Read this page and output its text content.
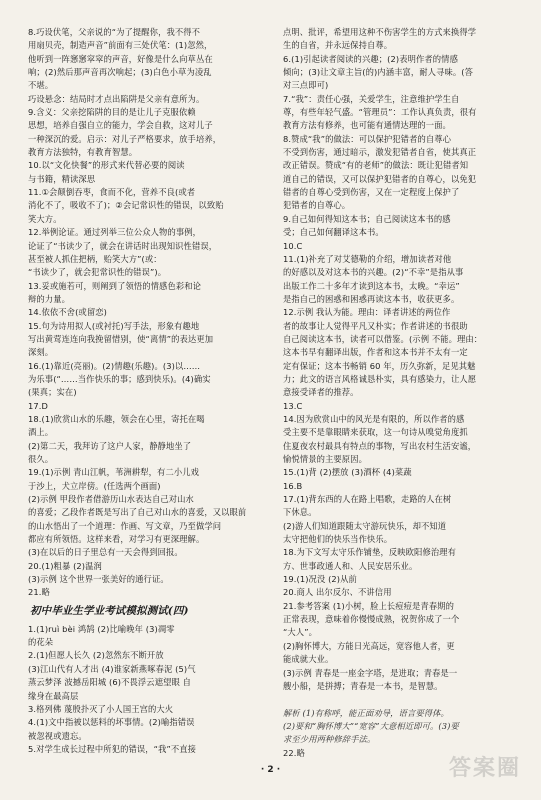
8.巧设伏笔，父亲说的“为了提醒你，我不得不
用扇贝壳，制造声音”前面有三处伏笔：(1)忽然，
他听到一阵窸窸窣窣的声音，好像是什么向草丛在
响；(2)然后那声音再次响起；(3)白色小草为凌乱
不堪。
巧设悬念：结局时才点出陷阱是父亲有意所为。
9.含义：父亲挖陷阱的目的是让儿子克服依赖
思想，培养自强自立的能力，学会自救，这对儿子
一种深沉的爱。启示：对儿子严格要求，放手培养，
教育方法独特，有教育智慧。
10.以“文化快餐”的形式来代替必要的阅读
与书籍，精读深思
11.①会颠倒吞枣，食而不化，营养不良(或者
消化不了，吸收不了)；②会记常识性的错误，以致贻
笑大方。
12.举例论证。通过列举三位公众人物的事例，
论证了“书读少了，就会在讲话时出现知识性错误，
甚至被人抓住把柄，贻笑大方”(或：
“书读少了，就会犯常识性的错误”)。
13.妥或施若可，则阐到了领悟的情感色彩和论
辩的力量。
14.依依不舍(或留恋)
15.句为诗用拟人(或衬托)写手法，形象有趣地
写出黄莺连连向我挽留惜别，使“离情”的表达更加
深刻。
16.(1)靠近(亮丽)。(2)情趣(乐趣)。(3)以……
为乐事(“……当作快乐的事；感到快乐)。(4)确实
(果真；实在)
17.D
18.(1)欣赏山水的乐趣，领会在心里，寄托在喝
酒上。
(2)第二天，我拜访了这户人家，静静地坐了
很久。
19.(1)示例 青山江帆，苇洲耕犁，有二小儿戏
于沙上，犬立岸傍。(任选两个画面)
(2)示例 甲段作者借游历山水表达自己对山水
的喜爱；乙段作者既是写出了自己对山水的喜爱，又以眼前
的山水悟出了一个道理：作画、写文章，乃至做学问
都应有所领悟。这样来看，对学习有更深理解。
(3)在以后的日子里总有一天会得到回报。
20.(1)粗暴 (2)温润
(3)示例 这个世界一张美好的通行证。
21.略
初中毕业生学业考试模拟测试(四)
1.(1)ruì bèi 鸿鹄 (2)比喻晚年 (3)凋零
的花朵
2.(1)但愿人长久 (2)忽然东不断开放
(3)江山代有人才出 (4)谁家新燕啄春泥 (5)气
蒸云梦泽 波撼岳阳城 (6)不畏浮云遮望眼 自
缘身在最高层
3.格列佛 蔑殷扑灭了小人国王宫的大火
4.(1)文中指被以惩料的坏事情。(2)喻指错误
被忽视或遗忘。
5.对学生成长过程中所犯的错误，“我”不直接
点明、批评，希望用这种不伤害学生的方式来换得学
生的自省，并永远保持自尊。
6.(1)引起读者阅读的兴趣；(2)表明作者的情感
倾向；(3)让文章主旨(的)内涵丰富，耐人寻味。(答
对三点即可)
7.“我”：责任心强，关爱学生，注意维护学生自
尊，有些年轻气盛。“管理员”：工作认真负责，很有
教育方法有修养，也可能有通情达理的一面。
8.赞成“我”的做法：可以保护犯错者的自尊心
不受到伤害，通过暗示，激发犯错者自省，使其真正
改正错误。赞成“有的老师”的做法：既让犯错者知
道自己的错误，又可以保护犯错者的自尊心，以免犯
错者的自尊心受到伤害，又在一定程度上保护了
犯错者的自尊心。
9.自己如何得知这本书；自己阅读这本书的感
受；自己如何翻译这本书。
10.C
11.(1)补充了对艾德勒的介绍，增加读者对他
的好感以及对这本书的兴趣。(2)“不幸”是指从事
出版工作二十多年才读到这本书，太晚。“幸运”
是指自己的困惑和困惑再读这本书，收获更多。
12.示例 我认为能。理由：译者讲述的两位作
者的故事让人觉得平凡又朴实；作者讲述的书很助
自己阅读这本书，读者可以借鉴。(示例 不能。理由：
这本书早有翻译出版，作者和这本书并不太有一定
定有保证；这本书畅销 60 年，历久弥新，足见其魅
力；此文的语言风格诚恳朴实，具有感染力，让人愿
意接受译者的推荐。
13.C
14.因为欣赏山中的风光是有限的，所以作者的感
受主要不是靠眼睛来获取，这一句诗从嗅觉角度抓
住夏夜农村最具有特点的事物，写出农村生活安谧，
愉悦情景的主要原因。
15.(1)背 (2)摆放 (3)酒杯 (4)菜蔬
16.B
17.(1)背东西的人在路上唱歌，走路的人在树
下休息。
(2)游人们知道跟随太守游玩快乐，却不知道
太守把他们的快乐当作快乐。
18.为下文写太守乐作铺垫，反映欧阳修治理有
方、世事政通人和、人民安居乐业。
19.(1)况没 (2)从前
20.商人 出尔反尔、不讲信用
21.参考答案 (1)小树，脸上长痘痘是青春期的
正常表现，意味着你慢慢成熟，祝贺你成了一个
“大人”。
(2)胸怀博大，方能日光高远，宽容他人者，更
能成就大业。
(3)示例 青春是一座金字塔，是进取；青春是一
艘小船，是拼搏；青春是一本书，是智慧。
解析 (1)有称呼，能正面劝导，语言要得体。
(2)要和“胸怀博大”“宽容”大意相近即可。(3)要
求至少用两种修辞手法。
22.略
· 2 ·	答案圈
